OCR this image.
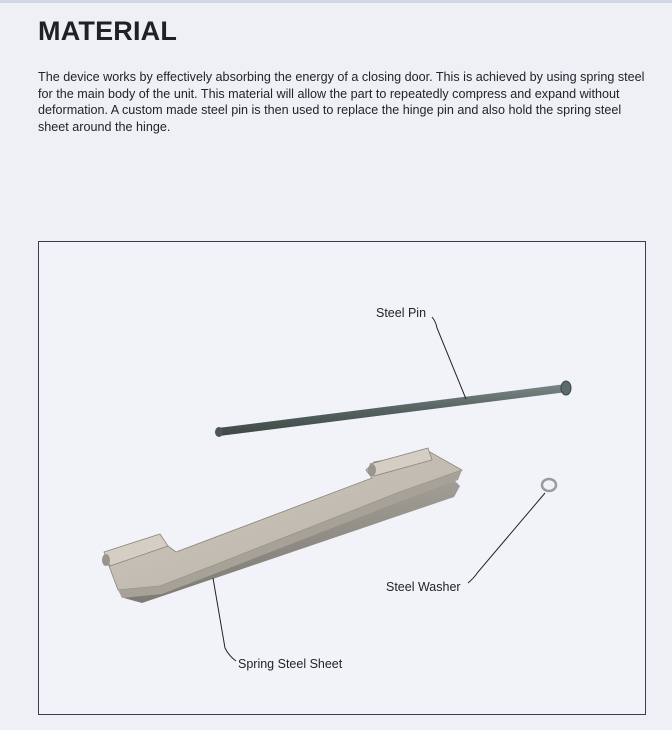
MATERIAL
The device works by effectively absorbing the energy of a closing door. This is achieved by using spring steel for the main body of the unit. This material will allow the part to repeatedly compress and expand without deformation. A custom made steel pin is then used to replace the hinge pin and also hold the spring steel sheet around the hinge.
Steel Pin
Steel Washer
Spring Steel Sheet
